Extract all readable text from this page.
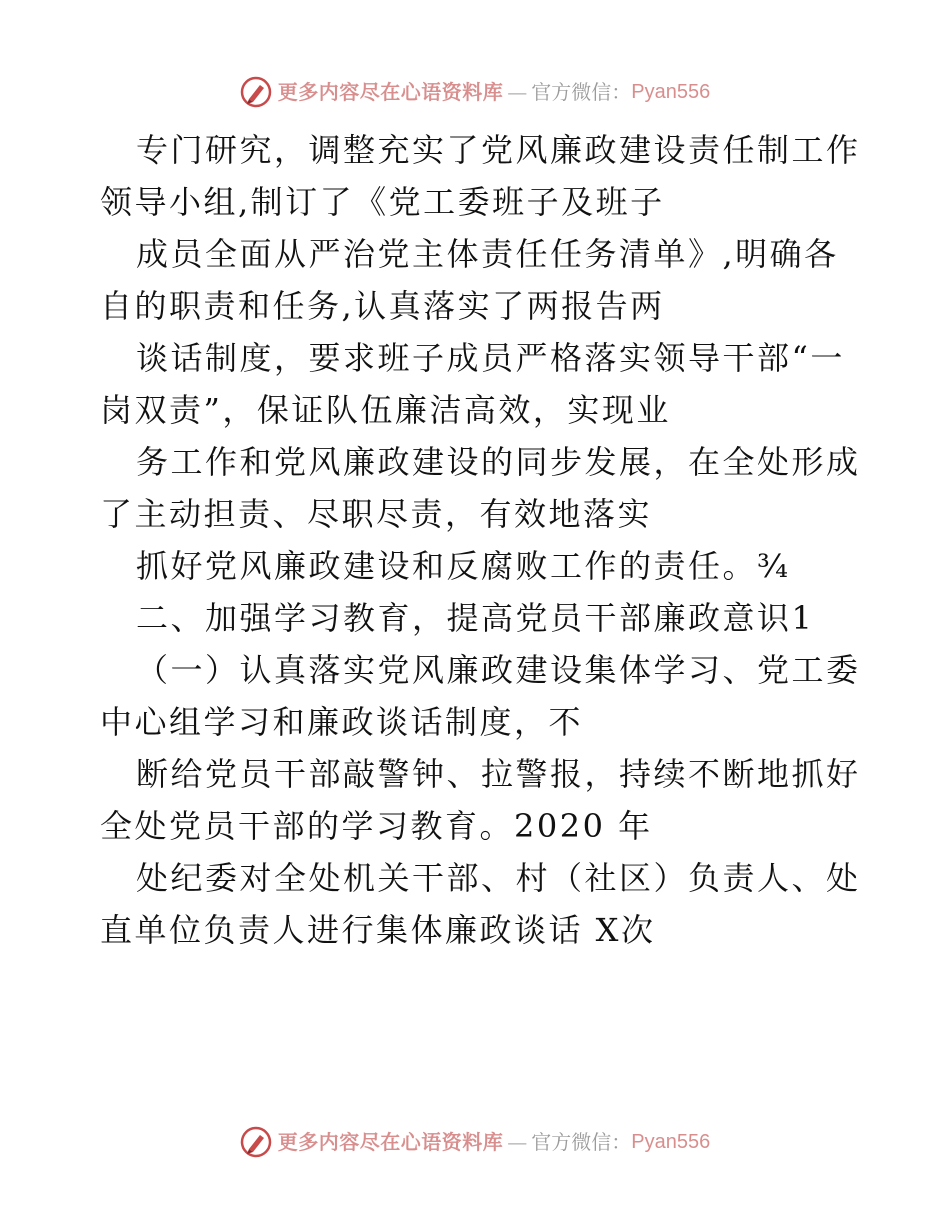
更多内容尽在心语资料库 — 官方微信： Pyan556
专门研究，调整充实了党风廉政建设责任制工作
领导小组,制订了《党工委班子及班子
成员全面从严治党主体责任任务清单》,明确各
自的职责和任务,认真落实了两报告两
谈话制度，要求班子成员严格落实领导干部“一
岗双责”，保证队伍廉洁高效，实现业
务工作和党风廉政建设的同步发展，在全处形成
了主动担责、尽职尽责，有效地落实
抓好党风廉政建设和反腐败工作的责任。¾
二、加强学习教育，提高党员干部廉政意识1
（一）认真落实党风廉政建设集体学习、党工委
中心组学习和廉政谈话制度，不
断给党员干部敲警钟、拉警报，持续不断地抓好
全处党员干部的学习教育。2020 年
处纪委对全处机关干部、村（社区）负责人、处
直单位负责人进行集体廉政谈话 X次
更多内容尽在心语资料库 — 官方微信： Pyan556
